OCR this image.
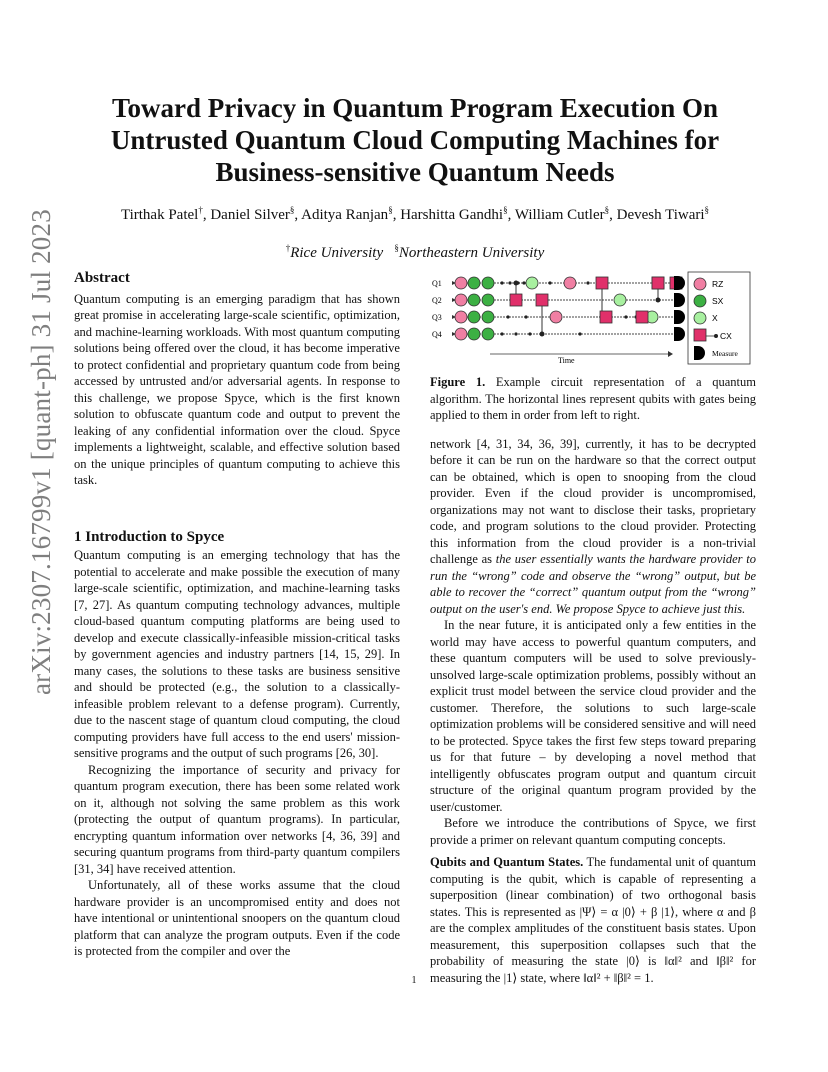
arXiv:2307.16799v1 [quant-ph] 31 Jul 2023
Toward Privacy in Quantum Program Execution On Untrusted Quantum Cloud Computing Machines for Business-sensitive Quantum Needs
Tirthak Patel†, Daniel Silver§, Aditya Ranjan§, Harshitta Gandhi§, William Cutler§, Devesh Tiwari§
†Rice University §Northeastern University
Abstract

Quantum computing is an emerging paradigm that has shown great promise in accelerating large-scale scientific, optimization, and machine-learning workloads. With most quantum computing solutions being offered over the cloud, it has become imperative to protect confidential and proprietary quantum code from being accessed by untrusted and/or adversarial agents. In response to this challenge, we propose Spyce, which is the first known solution to obfuscate quantum code and output to prevent the leaking of any confidential information over the cloud. Spyce implements a lightweight, scalable, and effective solution based on the unique principles of quantum computing to achieve this task.

1 Introduction to Spyce

Quantum computing is an emerging technology that has the potential to accelerate and make possible the execution of many large-scale scientific, optimization, and machine-learning tasks [7, 27]. As quantum computing technology advances, multiple cloud-based quantum computing platforms are being used to develop and execute classically-infeasible mission-critical tasks by government agencies and industry partners [14, 15, 29]. In many cases, the solutions to these tasks are business sensitive and should be protected (e.g., the solution to a classically-infeasible problem relevant to a defense program). Currently, due to the nascent stage of quantum cloud computing, the cloud computing providers have full access to the end users' mission-sensitive programs and the output of such programs [26, 30].

Recognizing the importance of security and privacy for quantum program execution, there has been some related work on it, although not solving the same problem as this work (protecting the output of quantum programs). In particular, encrypting quantum information over networks [4, 36, 39] and securing quantum programs from third-party quantum compilers [31, 34] have received attention.

Unfortunately, all of these works assume that the cloud hardware provider is an uncompromised entity and does not have intentional or unintentional snoopers on the quantum cloud platform that can analyze the program outputs. Even if the code is protected from the compiler and over the

Q1
Q2
Q3
Q4
Time
RZ
SX
X
CX
Measure

Figure 1. Example circuit representation of a quantum algorithm. The horizontal lines represent qubits with gates being applied to them in order from left to right.

network [4, 31, 34, 36, 39], currently, it has to be decrypted before it can be run on the hardware so that the correct output can be obtained, which is open to snooping from the cloud provider. Even if the cloud provider is uncompromised, organizations may not want to disclose their tasks, proprietary code, and program solutions to the cloud provider. Protecting this information from the cloud provider is a non-trivial challenge as the user essentially wants the hardware provider to run the “wrong” code and observe the “wrong” output, but be able to recover the “correct” quantum output from the “wrong” output on the user's end. We propose Spyce to achieve just this.

In the near future, it is anticipated only a few entities in the world may have access to powerful quantum computers, and these quantum computers will be used to solve previously-unsolved large-scale optimization problems, possibly without an explicit trust model between the service cloud provider and the customer. Therefore, the solutions to such large-scale optimization problems will be considered sensitive and will need to be protected. Spyce takes the first few steps toward preparing us for that future – by developing a novel method that intelligently obfuscates program output and quantum circuit structure of the original quantum program provided by the user/customer.

Before we introduce the contributions of Spyce, we first provide a primer on relevant quantum computing concepts.

Qubits and Quantum States. The fundamental unit of quantum computing is the qubit, which is capable of representing a superposition (linear combination) of two orthogonal basis states. This is represented as |Ψ⟩ = α |0⟩ + β |1⟩, where α and β are the complex amplitudes of the constituent basis states. Upon measurement, this superposition collapses such that the probability of measuring the state |0⟩ is ‖α‖² and ‖β‖² for measuring the |1⟩ state, where ‖α‖² + ‖β‖² = 1.

1
